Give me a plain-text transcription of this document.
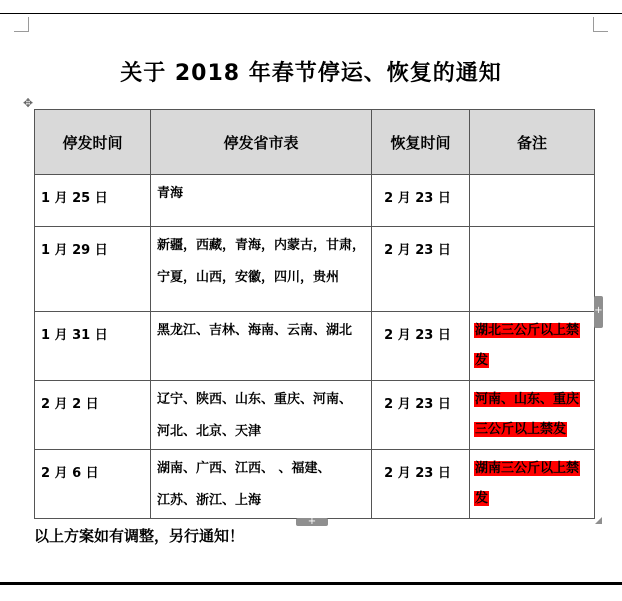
关于 2018 年春节停运、恢复的通知
✥
停发时间	停发省市表	恢复时间	备注
1 月 25 日	青海	2 月 23 日	
1 月 29 日	新疆，西藏，青海，内蒙古，甘肃，
宁夏，山西，安徽，四川，贵州	2 月 23 日	
1 月 31 日	黑龙江、吉林、海南、云南、湖北	2 月 23 日	湖北三公斤以上禁发
2 月 2 日	辽宁、陕西、山东、重庆、河南、
河北、北京、天津	2 月 23 日	河南、山东、重庆三公斤以上禁发
2 月 6 日	湖南、广西、江西、 、福建、
江苏、浙江、上海	2 月 23 日	湖南三公斤以上禁发
+
+
以上方案如有调整，另行通知！
